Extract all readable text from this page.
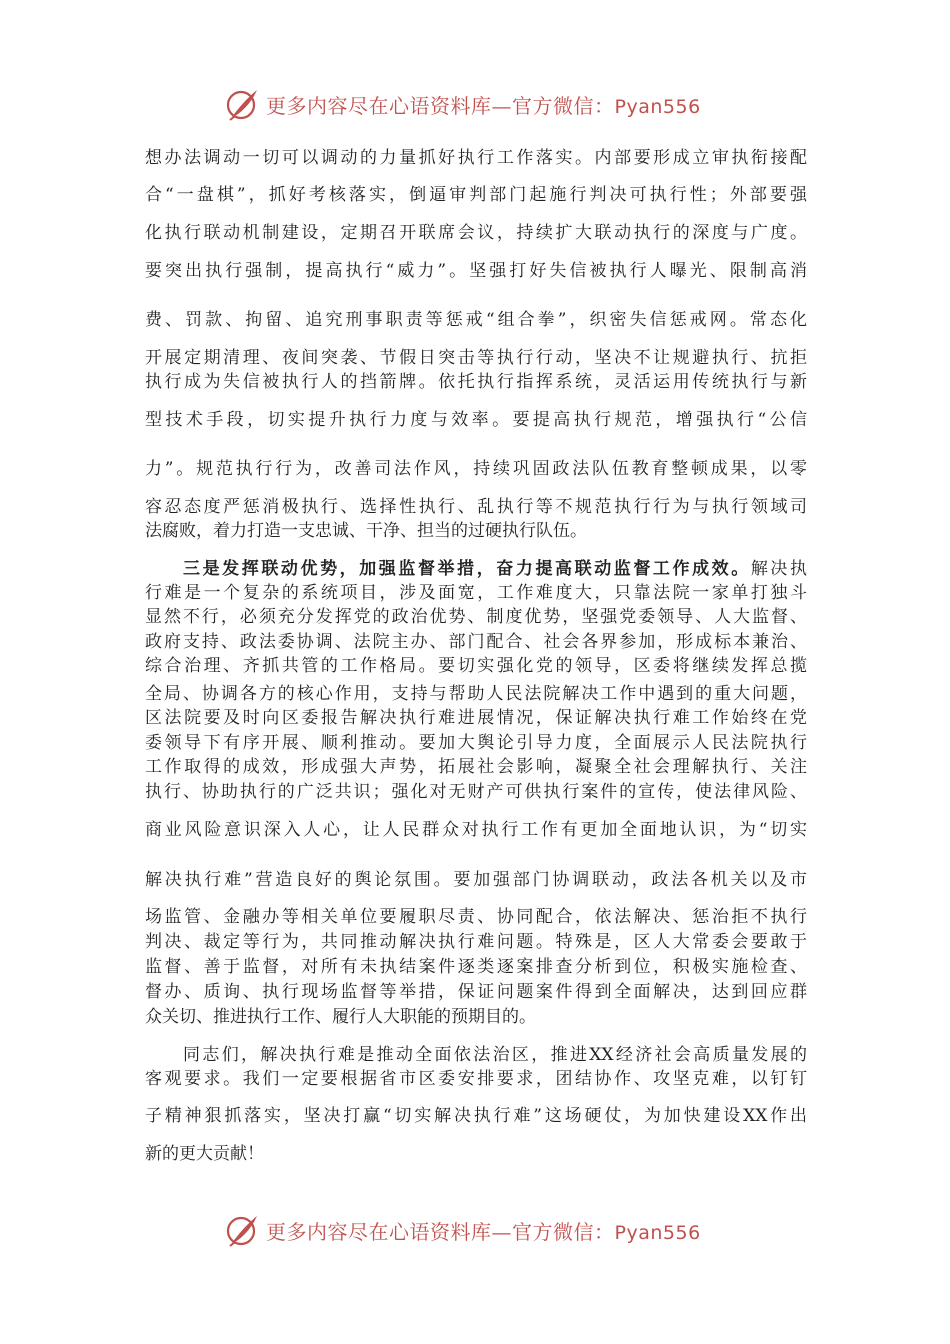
更多内容尽在心语资料库—官方微信：Pyan556
想办法调动一切可以调动的力量抓好执行工作落实。内部要形成立审执衔接配
合“一盘棋”，抓好考核落实，倒逼审判部门起施行判决可执行性；外部要强
化执行联动机制建设，定期召开联席会议，持续扩大联动执行的深度与广度。
要突出执行强制，提高执行“威力”。坚强打好失信被执行人曝光、限制高消
费、罚款、拘留、追究刑事职责等惩戒“组合拳”，织密失信惩戒网。常态化
开展定期清理、夜间突袭、节假日突击等执行行动，坚决不让规避执行、抗拒
执行成为失信被执行人的挡箭牌。依托执行指挥系统，灵活运用传统执行与新
型技术手段，切实提升执行力度与效率。要提高执行规范，增强执行“公信
力”。规范执行行为，改善司法作风，持续巩固政法队伍教育整顿成果，以零
容忍态度严惩消极执行、选择性执行、乱执行等不规范执行行为与执行领域司
法腐败，着力打造一支忠诚、干净、担当的过硬执行队伍。
三是发挥联动优势，加强监督举措，奋力提高联动监督工作成效。解决执
行难是一个复杂的系统项目，涉及面宽，工作难度大，只靠法院一家单打独斗
显然不行，必须充分发挥党的政治优势、制度优势，坚强党委领导、人大监督、
政府支持、政法委协调、法院主办、部门配合、社会各界参加，形成标本兼治、
综合治理、齐抓共管的工作格局。要切实强化党的领导，区委将继续发挥总揽
全局、协调各方的核心作用，支持与帮助人民法院解决工作中遇到的重大问题，
区法院要及时向区委报告解决执行难进展情况，保证解决执行难工作始终在党
委领导下有序开展、顺利推动。要加大舆论引导力度，全面展示人民法院执行
工作取得的成效，形成强大声势，拓展社会影响，凝聚全社会理解执行、关注
执行、协助执行的广泛共识；强化对无财产可供执行案件的宣传，使法律风险、
商业风险意识深入人心，让人民群众对执行工作有更加全面地认识，为“切实
解决执行难”营造良好的舆论氛围。要加强部门协调联动，政法各机关以及市
场监管、金融办等相关单位要履职尽责、协同配合，依法解决、惩治拒不执行
判决、裁定等行为，共同推动解决执行难问题。特殊是，区人大常委会要敢于
监督、善于监督，对所有未执结案件逐类逐案排查分析到位，积极实施检查、
督办、质询、执行现场监督等举措，保证问题案件得到全面解决，达到回应群
众关切、推进执行工作、履行人大职能的预期目的。
同志们，解决执行难是推动全面依法治区，推进XX经济社会高质量发展的
客观要求。我们一定要根据省市区委安排要求，团结协作、攻坚克难，以钉钉
子精神狠抓落实，坚决打赢“切实解决执行难”这场硬仗，为加快建设XX作出
新的更大贡献！
更多内容尽在心语资料库—官方微信：Pyan556
